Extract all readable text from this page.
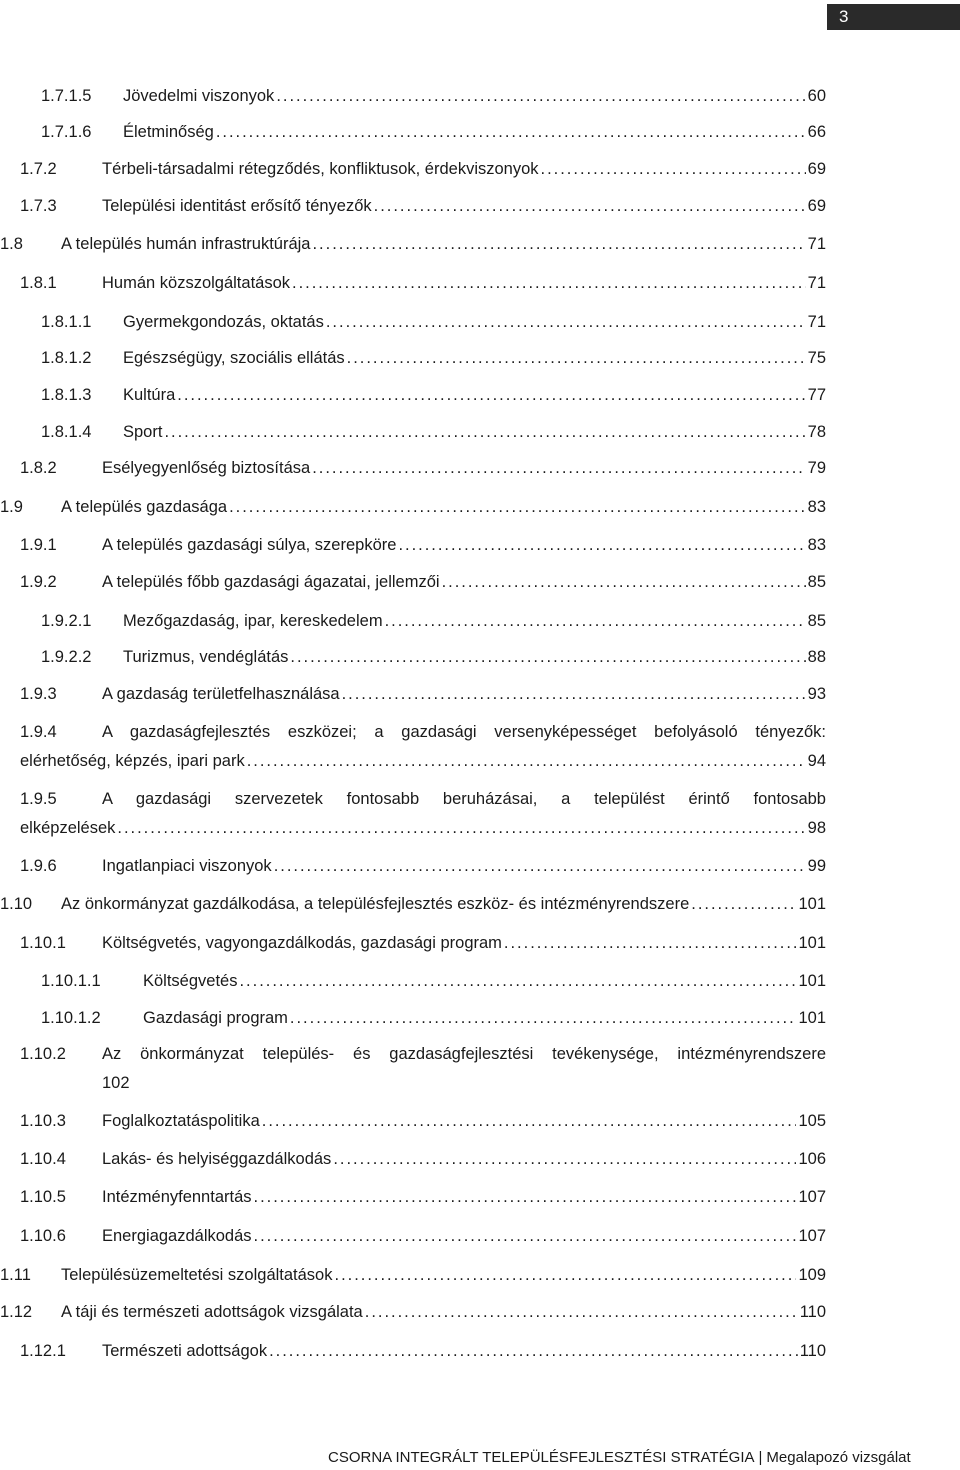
3
1.7.1.5	Jövedelmi viszonyok . . .	60
1.7.1.6	Életminőség . . .	66
1.7.2	Térbeli-társadalmi rétegződés, konfliktusok, érdekviszonyok . . .	69
1.7.3	Települési identitást erősítő tényezők . . .	69
1.8	A település humán infrastruktúrája . . .	71
1.8.1	Humán közszolgáltatások . . .	71
1.8.1.1	Gyermekgondozás, oktatás . . .	71
1.8.1.2	Egészségügy, szociális ellátás . . .	75
1.8.1.3	Kultúra . . .	77
1.8.1.4	Sport . . .	78
1.8.2	Esélyegyenlőség biztosítása . . .	79
1.9	A település gazdasága . . .	83
1.9.1	A település gazdasági súlya, szerepköre . . .	83
1.9.2	A település főbb gazdasági ágazatai, jellemzői . . .	85
1.9.2.1	Mezőgazdaság, ipar, kereskedelem . . .	85
1.9.2.2	Turizmus, vendéglátás . . .	88
1.9.3	A gazdaság területfelhasználása . . .	93
1.9.4	A gazdaságfejlesztés eszközei; a gazdasági versenyképességet befolyásoló tényezők:
elérhetőség, képzés, ipari park . . .	94
1.9.5	A gazdasági szervezetek fontosabb beruházásai, a települést érintő fontosabb
elképzelések . . .	98
1.9.6	Ingatlanpiaci viszonyok . . .	99
1.10	Az önkormányzat gazdálkodása, a településfejlesztés eszköz- és intézményrendszere . . .	101
1.10.1	Költségvetés, vagyongazdálkodás, gazdasági program . . .	101
1.10.1.1	Költségvetés . . .	101
1.10.1.2	Gazdasági program . . .	101
1.10.2	Az önkormányzat település- és gazdaságfejlesztési tevékenysége, intézményrendszere
102
1.10.3	Foglalkoztatáspolitika . . .	105
1.10.4	Lakás- és helyiséggazdálkodás . . .	106
1.10.5	Intézményfenntartás . . .	107
1.10.6	Energiagazdálkodás . . .	107
1.11	Településüzemeltetési szolgáltatások . . .	109
1.12	A táji és természeti adottságok vizsgálata . . .	110
1.12.1	Természeti adottságok . . .	110
CSORNA INTEGRÁLT TELEPÜLÉSFEJLESZTÉSI STRATÉGIA | Megalapozó vizsgálat
